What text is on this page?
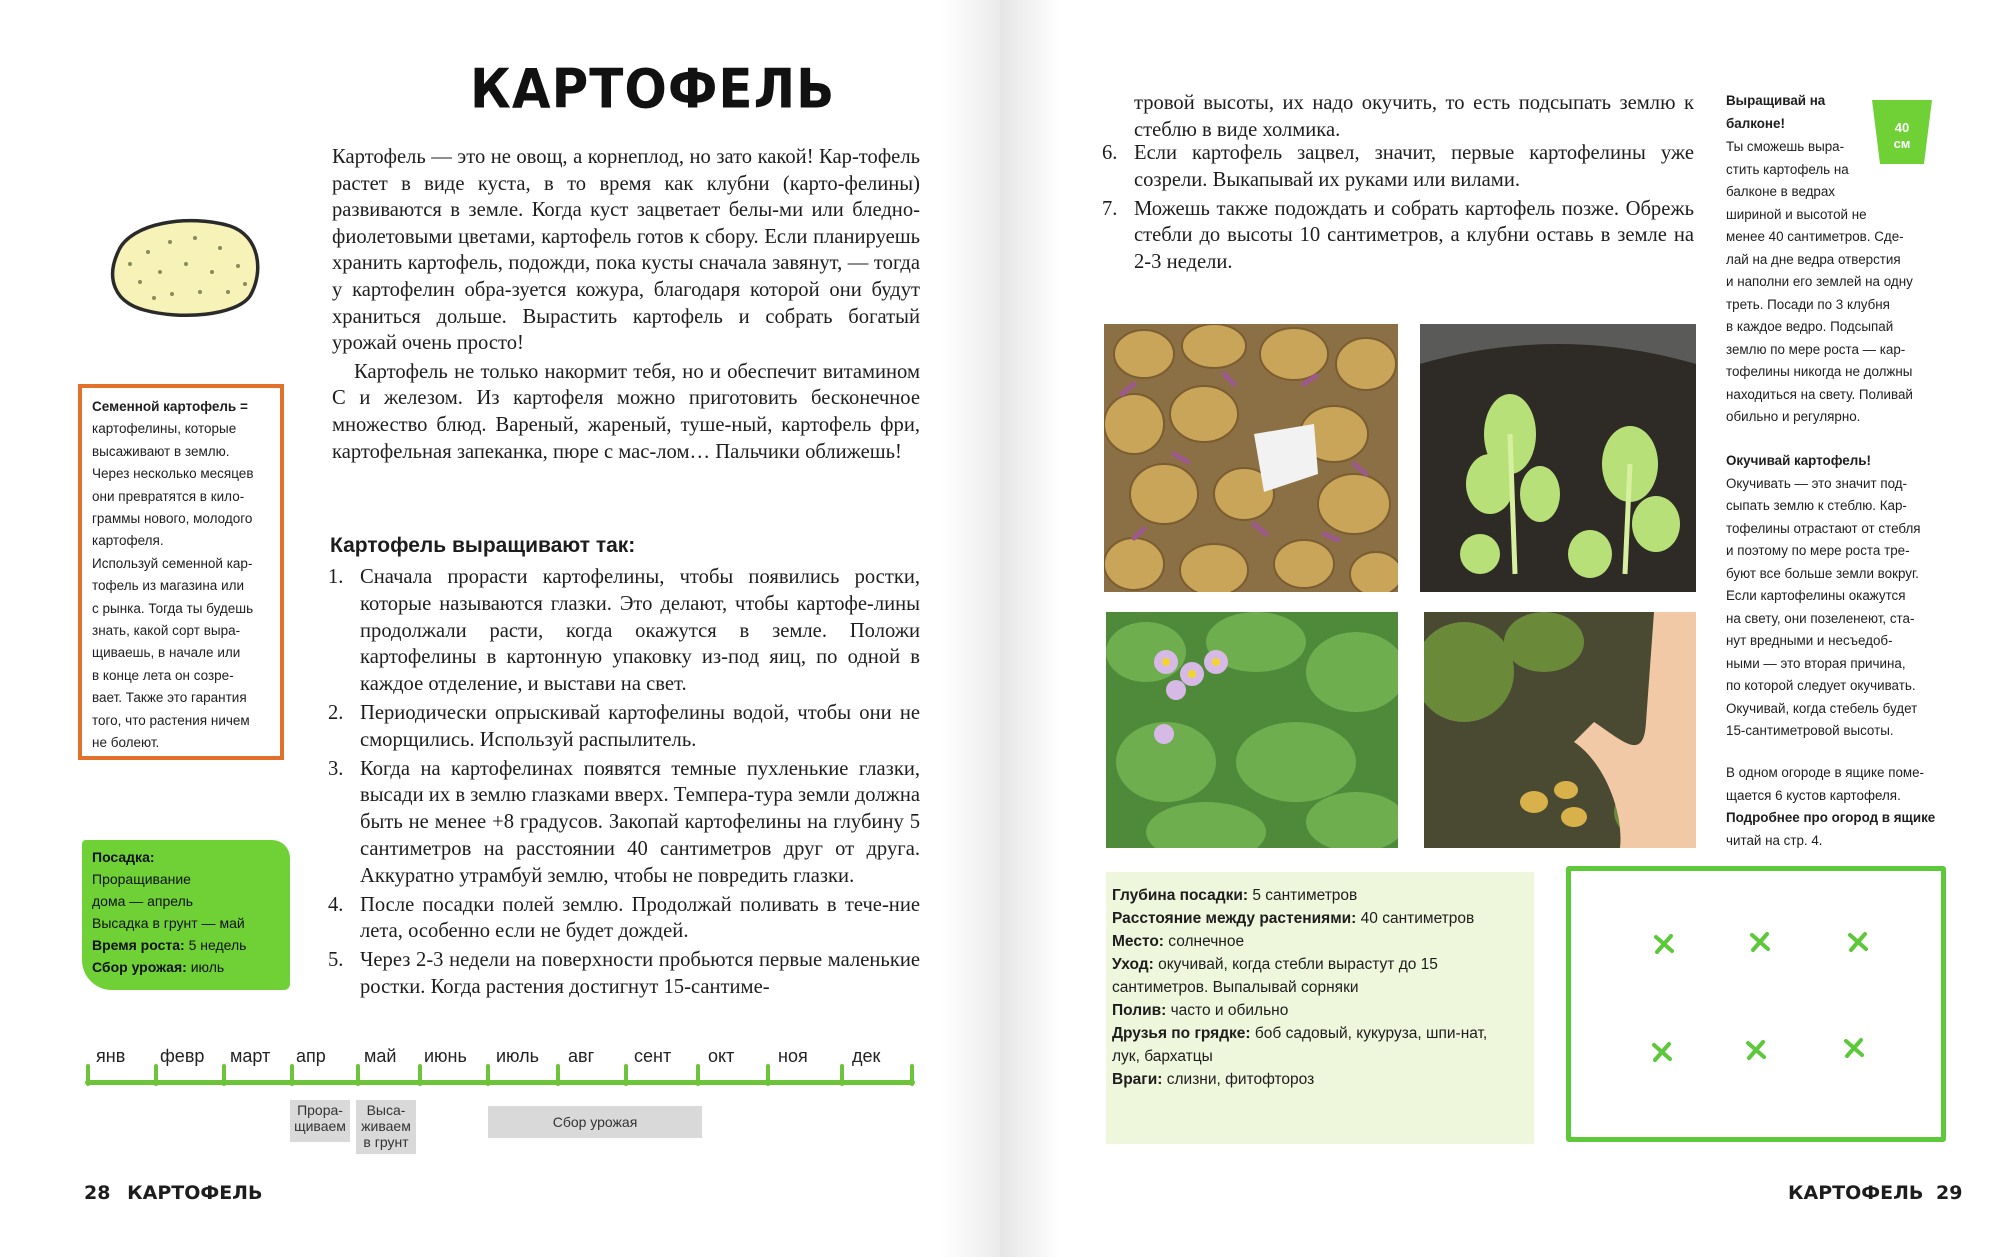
КАРТОФЕЛЬ

Картофель — это не овощ, а корнеплод, но зато какой! Кар-тофель растет в виде куста, в то время как клубни (карто-фелины) развиваются в земле. Когда куст зацветает белы-ми или бледно-фиолетовыми цветами, картофель готов к сбору. Если планируешь хранить картофель, подожди, пока кусты сначала завянут, — тогда у картофелин обра-зуется кожура, благодаря которой они будут храниться дольше. Вырастить картофель и собрать богатый урожай очень просто!

Картофель не только накормит тебя, но и обеспечит витамином С и железом. Из картофеля можно приготовить бесконечное множество блюд. Вареный, жареный, туше-ный, картофель фри, картофельная запеканка, пюре с мас-лом… Пальчики оближешь!

Картофель выращивают так:
1. Сначала прорасти картофелины, чтобы появились ростки, которые называются глазки. Это делают, чтобы картофе-лины продолжали расти, когда окажутся в земле. Положи картофелины в картонную упаковку из-под яиц, по одной в каждое отделение, и выстави на свет.
2. Периодически опрыскивай картофелины водой, чтобы они не сморщились. Используй распылитель.
3. Когда на картофелинах появятся темные пухленькие глазки, высади их в землю глазками вверх. Темпера-тура земли должна быть не менее +8 градусов. Закопай картофелины на глубину 5 сантиметров на расстоянии 40 сантиметров друг от друга. Аккуратно утрамбуй землю, чтобы не повредить глазки.
4. После посадки полей землю. Продолжай поливать в тече-ние лета, особенно если не будет дождей.
5. Через 2-3 недели на поверхности пробьются первые маленькие ростки. Когда растения достигнут 15-сантиме-
Семенной картофель =
картофелины, которые
высаживают в землю.
Через несколько месяцев
они превратятся в кило-
граммы нового, молодого
картофеля.
Используй семенной кар-
тофель из магазина или
с рынка. Тогда ты будешь
знать, какой сорт выра-
щиваешь, в начале или
в конце лета он созре-
вает. Также это гарантия
того, что растения ничем
не болеют.
Посадка:
Проращивание
дома — апрель
Высадка в грунт — май
Время роста: 5 недель
Сбор урожая: июль
янв февр март апр май июнь июль авг сент окт ноя дек
Прора-
щиваем
Выса-
живаем
в грунт
Сбор урожая
28 КАРТОФЕЛЬ
тровой высоты, их надо окучить, то есть подсыпать землю к стеблю в виде холмика.
6. Если картофель зацвел, значит, первые картофелины уже созрели. Выкапывай их руками или вилами.
7. Можешь также подождать и собрать картофель позже. Обрежь стебли до высоты 10 сантиметров, а клубни оставь в земле на 2-3 недели.
40
см
Выращивай на балконе!
Ты сможешь выра-
стить картофель на
балконе в ведрах
шириной и высотой не
менее 40 сантиметров. Сде-
лай на дне ведра отверстия
и наполни его землей на одну
треть. Посади по 3 клубня
в каждое ведро. Подсыпай
землю по мере роста — кар-
тофелины никогда не должны
находиться на свету. Поливай
обильно и регулярно.
Окучивай картофель!
Окучивать — это значит под-
сыпать землю к стеблю. Кар-
тофелины отрастают от стебля
и поэтому по мере роста тре-
буют все больше земли вокруг.
Если картофелины окажутся
на свету, они позеленеют, ста-
нут вредными и несъедоб-
ными — это вторая причина,
по которой следует окучивать.
Окучивай, когда стебель будет
15-сантиметровой высоты.
В одном огороде в ящике поме-
щается 6 кустов картофеля.
Подробнее про огород в ящике
читай на стр. 4.
Глубина посадки: 5 сантиметров
Расстояние между растениями: 40 сантиметров
Место: солнечное
Уход: окучивай, когда стебли вырастут до 15 сантиметров. Выпалывай сорняки
Полив: часто и обильно
Друзья по грядке: боб садовый, кукуруза, шпи-нат, лук, бархатцы
Враги: слизни, фитофтороз
КАРТОФЕЛЬ 29
